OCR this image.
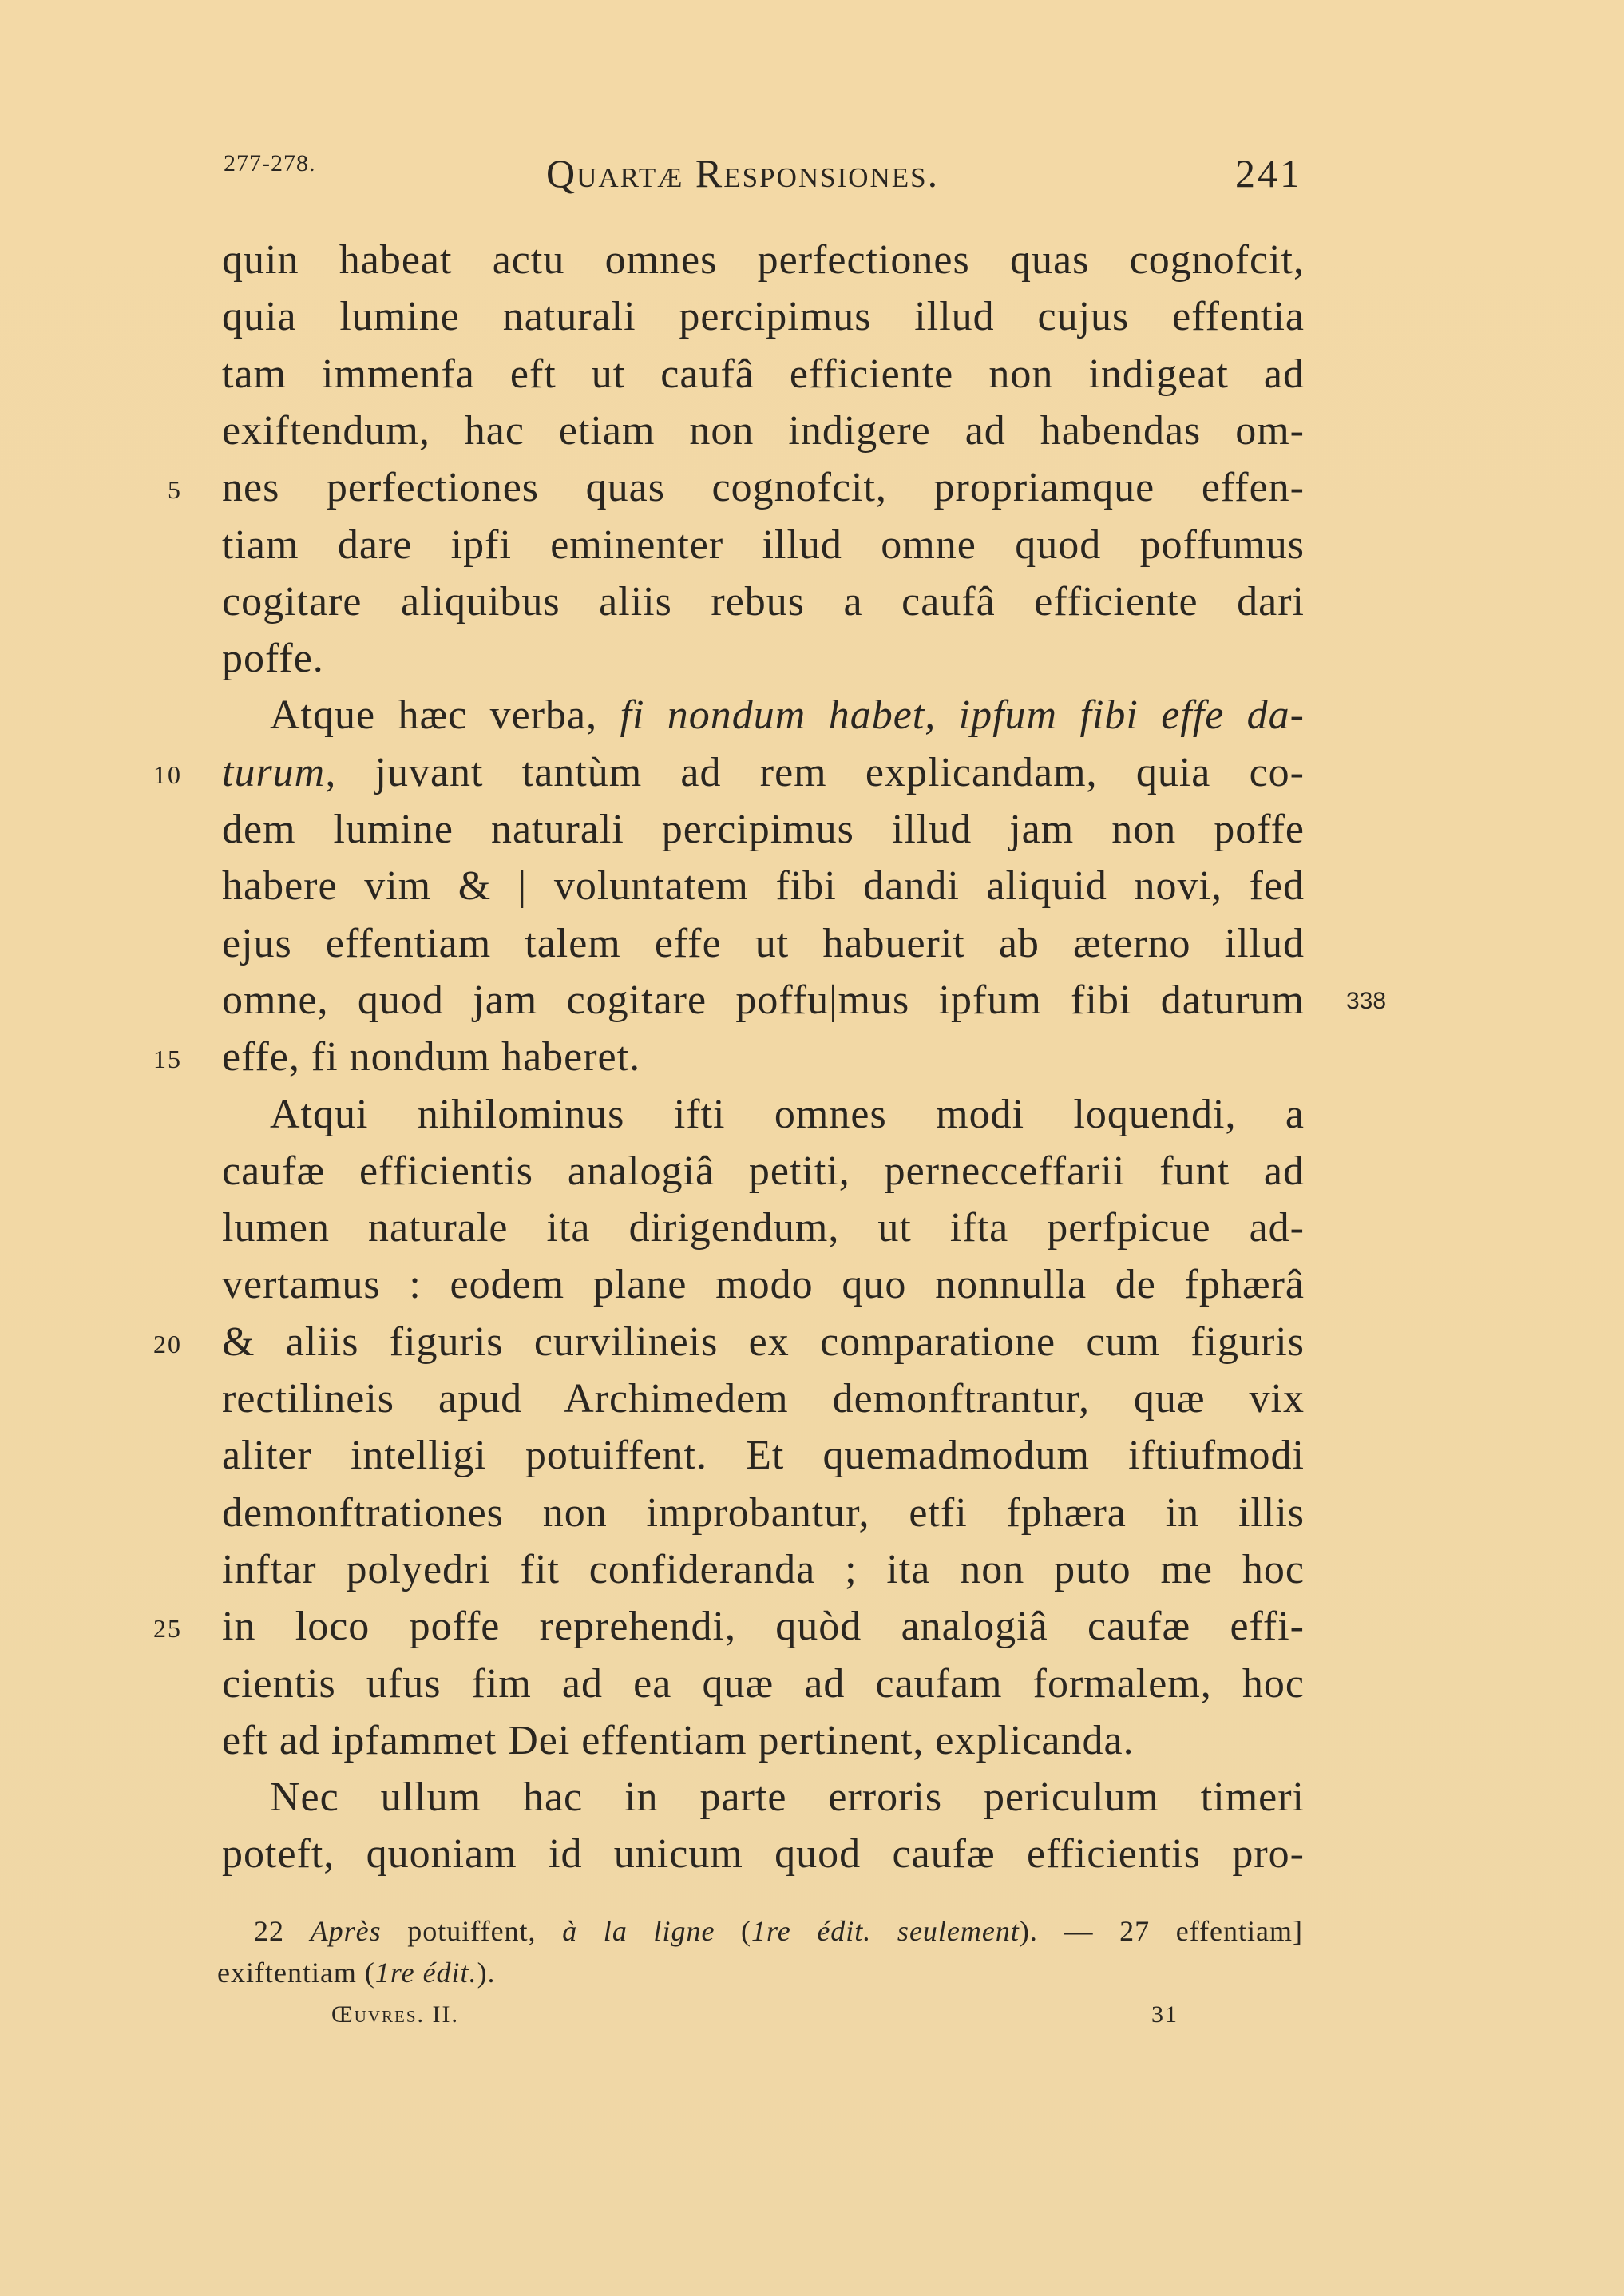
277-278.	Quartæ Responsiones.	241
quin habeat actu omnes perfectiones quas cognofcit,
quia lumine naturali percipimus illud cujus effentia
tam immenfa eft ut caufâ efficiente non indigeat ad
exiftendum, hac etiam non indigere ad habendas om-
nes perfectiones quas cognofcit, propriamque effen-
5
tiam dare ipfi eminenter illud omne quod poffumus
cogitare aliquibus aliis rebus a caufâ efficiente dari
poffe.
Atque hæc verba, fi nondum habet, ipfum fibi effe da-
turum, juvant tantùm ad rem explicandam, quia co-
10
dem lumine naturali percipimus illud jam non poffe
habere vim & | voluntatem fibi dandi aliquid novi, fed
ejus effentiam talem effe ut habuerit ab æterno illud
omne, quod jam cogitare poffu|mus ipfum fibi daturum 338
effe, fi nondum haberet.
15
Atqui nihilominus ifti omnes modi loquendi, a
caufæ efficientis analogiâ petiti, pernecceffarii funt ad
lumen naturale ita dirigendum, ut ifta perfpicue ad-
vertamus : eodem plane modo quo nonnulla de fphærâ
& aliis figuris curvilineis ex comparatione cum figuris
20
rectilineis apud Archimedem demonftrantur, quæ vix
aliter intelligi potuiffent. Et quemadmodum iftiufmodi
demonftrationes non improbantur, etfi fphæra in illis
inftar polyedri fit confideranda ; ita non puto me hoc
in loco poffe reprehendi, quòd analogiâ caufæ effi-
25
cientis ufus fim ad ea quæ ad caufam formalem, hoc
eft ad ipfammet Dei effentiam pertinent, explicanda.
Nec ullum hac in parte erroris periculum timeri
poteft, quoniam id unicum quod caufæ efficientis pro-
22 Après potuiffent, à la ligne (1re édit. seulement). — 27 effentiam]
exiftentiam (1re édit.).
Œuvres. II.	31
